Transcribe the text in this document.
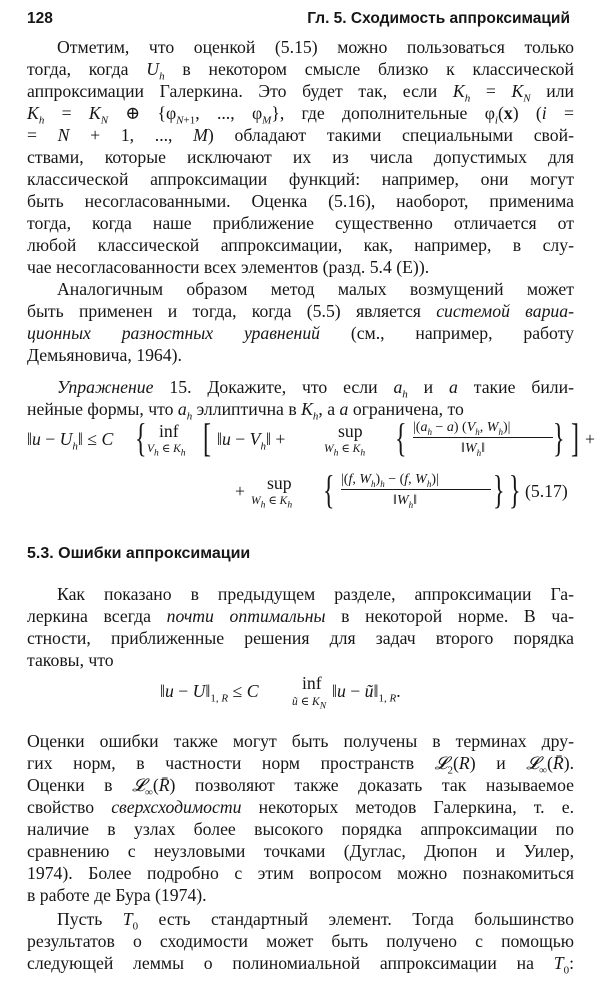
128	Гл. 5. Сходимость аппроксимаций
Отметим, что оценкой (5.15) можно пользоваться только
тогда, когда $U_h$ в некотором смысле близко к классической
аппроксимации Галеркина. Это будет так, если $K_h = K_N$ или
$K_h = K_N$ ⊕ {$\varphi_{N+1}$, ..., $\varphi_M$}, где дополнительные $\varphi_i(x) (i$ =
= N + 1, ..., M) обладают такими специальными свой-
ствами, которые исключают их из числа допустимых для
классической аппроксимации функций: например, они могут
быть несогласованными. Оценка (5.16), наоборот, применима
тогда, когда наше приближение существенно отличается от
любой классической аппроксимации, как, например, в слу-
чае несогласованности всех элементов (разд. 5.4 (E)).
Аналогичным образом метод малых возмущений может
быть применен и тогда, когда (5.5) является системой вариа-
ционных разностных уравнений (см., например, работу
Демьяновича, 1964).
Упражнение 15. Докажите, что если $a_h$ и a такие били-
нейные формы, что $a_h$ эллиптична в $K_h$, а a ограничена, то
‖u − $U_h‖ \le C$ { inf
$V_h$ ∈ $K_h$ [ ‖u − $V_h‖$ +	sup
$W_h$ ∈ $K_h$ { $|(a_h - a)$ ($V_h$, $W_h)|$
$‖W_h‖$ } ] +
+ sup
$W_h$ ∈ $K_h$ { |(f, $W_h)_h - (f$, $W_h)|$
$‖W_h‖$ } } (5.17)
5.3. Ошибки аппроксимации
Как показано в предыдущем разделе, аппроксимации Га-
леркина всегда почти оптимальны в некоторой норме. В ча-
стности, приближенные решения для задач второго порядка
таковы, что
‖u − $U‖_{1, R} \le C$ inf
ũ ∈ $K_N$
‖u − $ũ‖_{1, R}$.
Оценки ошибки также могут быть получены в терминах дру-
гих норм, в частности норм пространств 𝓛$_2$(R) и 𝓛$_\infty$(R̄).
Оценки в 𝓛$_\infty$(R̄) позволяют также доказать так называемое
свойство сверхсходимости некоторых методов Галеркина, т. е.
наличие в узлах более высокого порядка аппроксимации по
сравнению с неузловыми точками (Дуглас, Дюпон и Уилер,
1974). Более подробно с этим вопросом можно познакомиться
в работе де Бура (1974).
Пусть $T_0$ есть стандартный элемент. Тогда большинство
результатов о сходимости может быть получено с помощью
следующей леммы о полиномиальной аппроксимации на $T_0$:
